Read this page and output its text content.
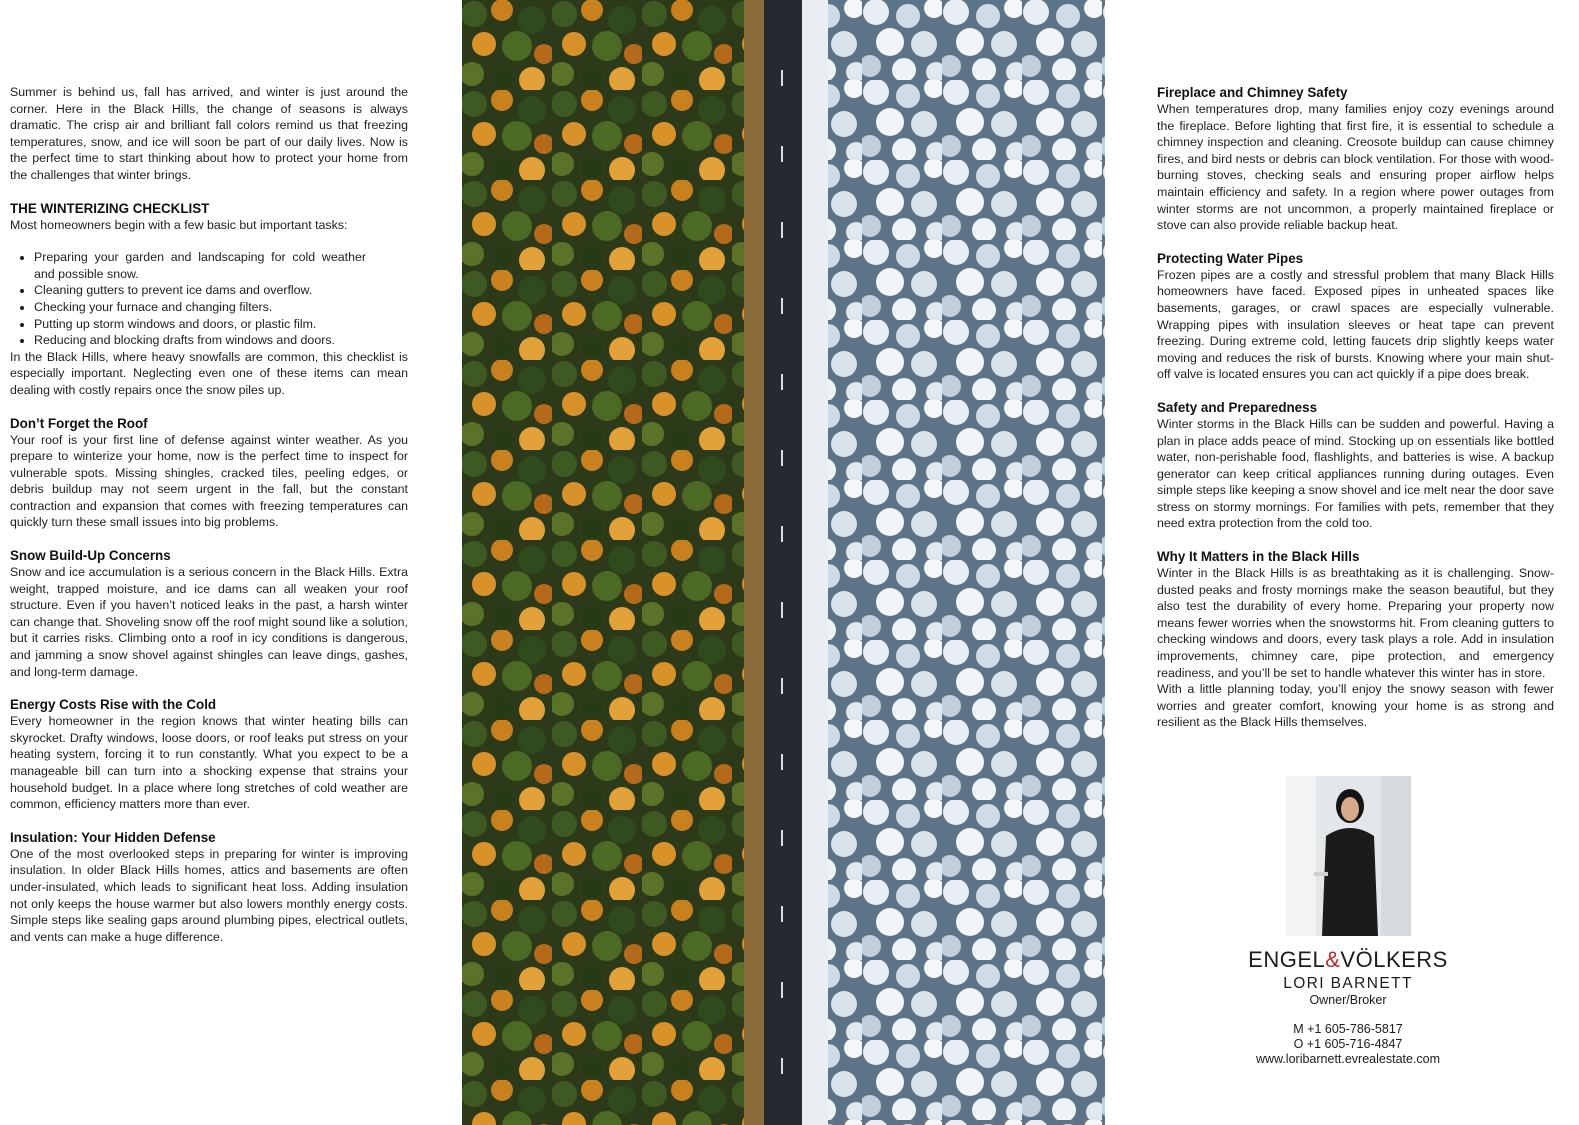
Summer is behind us, fall has arrived, and winter is just around the corner. Here in the Black Hills, the change of seasons is always dramatic. The crisp air and brilliant fall colors remind us that freezing temperatures, snow, and ice will soon be part of our daily lives. Now is the perfect time to start thinking about how to protect your home from the challenges that winter brings.

THE WINTERIZING CHECKLIST

Most homeowners begin with a few basic but important tasks:

• Preparing your garden and landscaping for cold weather and possible snow.
• Cleaning gutters to prevent ice dams and overflow.
• Checking your furnace and changing filters.
• Putting up storm windows and doors, or plastic film.
• Reducing and blocking drafts from windows and doors.

In the Black Hills, where heavy snowfalls are common, this checklist is especially important. Neglecting even one of these items can mean dealing with costly repairs once the snow piles up.

Don’t Forget the Roof

Your roof is your first line of defense against winter weather. As you prepare to winterize your home, now is the perfect time to inspect for vulnerable spots. Missing shingles, cracked tiles, peeling edges, or debris buildup may not seem urgent in the fall, but the constant contraction and expansion that comes with freezing temperatures can quickly turn these small issues into big problems.

Snow Build-Up Concerns

Snow and ice accumulation is a serious concern in the Black Hills. Extra weight, trapped moisture, and ice dams can all weaken your roof structure. Even if you haven’t noticed leaks in the past, a harsh winter can change that. Shoveling snow off the roof might sound like a solution, but it carries risks. Climbing onto a roof in icy conditions is dangerous, and jamming a snow shovel against shingles can leave dings, gashes, and long-term damage.

Energy Costs Rise with the Cold

Every homeowner in the region knows that winter heating bills can skyrocket. Drafty windows, loose doors, or roof leaks put stress on your heating system, forcing it to run constantly. What you expect to be a manageable bill can turn into a shocking expense that strains your household budget. In a place where long stretches of cold weather are common, efficiency matters more than ever.

Insulation: Your Hidden Defense

One of the most overlooked steps in preparing for winter is improving insulation. In older Black Hills homes, attics and basements are often under-insulated, which leads to significant heat loss. Adding insulation not only keeps the house warmer but also lowers monthly energy costs. Simple steps like sealing gaps around plumbing pipes, electrical outlets, and vents can make a huge difference.

Fireplace and Chimney Safety

When temperatures drop, many families enjoy cozy evenings around the fireplace. Before lighting that first fire, it is essential to schedule a chimney inspection and cleaning. Creosote buildup can cause chimney fires, and bird nests or debris can block ventilation. For those with wood-burning stoves, checking seals and ensuring proper airflow helps maintain efficiency and safety. In a region where power outages from winter storms are not uncommon, a properly maintained fireplace or stove can also provide reliable backup heat.

Protecting Water Pipes

Frozen pipes are a costly and stressful problem that many Black Hills homeowners have faced. Exposed pipes in unheated spaces like basements, garages, or crawl spaces are especially vulnerable. Wrapping pipes with insulation sleeves or heat tape can prevent freezing. During extreme cold, letting faucets drip slightly keeps water moving and reduces the risk of bursts. Knowing where your main shut-off valve is located ensures you can act quickly if a pipe does break.

Safety and Preparedness

Winter storms in the Black Hills can be sudden and powerful. Having a plan in place adds peace of mind. Stocking up on essentials like bottled water, non-perishable food, flashlights, and batteries is wise. A backup generator can keep critical appliances running during outages. Even simple steps like keeping a snow shovel and ice melt near the door save stress on stormy mornings. For families with pets, remember that they need extra protection from the cold too.

Why It Matters in the Black Hills

Winter in the Black Hills is as breathtaking as it is challenging. Snow-dusted peaks and frosty mornings make the season beautiful, but they also test the durability of every home. Preparing your property now means fewer worries when the snowstorms hit. From cleaning gutters to checking windows and doors, every task plays a role. Add in insulation improvements, chimney care, pipe protection, and emergency readiness, and you’ll be set to handle whatever this winter has in store.

With a little planning today, you’ll enjoy the snowy season with fewer worries and greater comfort, knowing your home is as strong and resilient as the Black Hills themselves.

ENGEL&VÖLKERS
LORI BARNETT
Owner/Broker
M +1 605-786-5817
O +1 605-716-4847
www.loribarnett.evrealestate.com
